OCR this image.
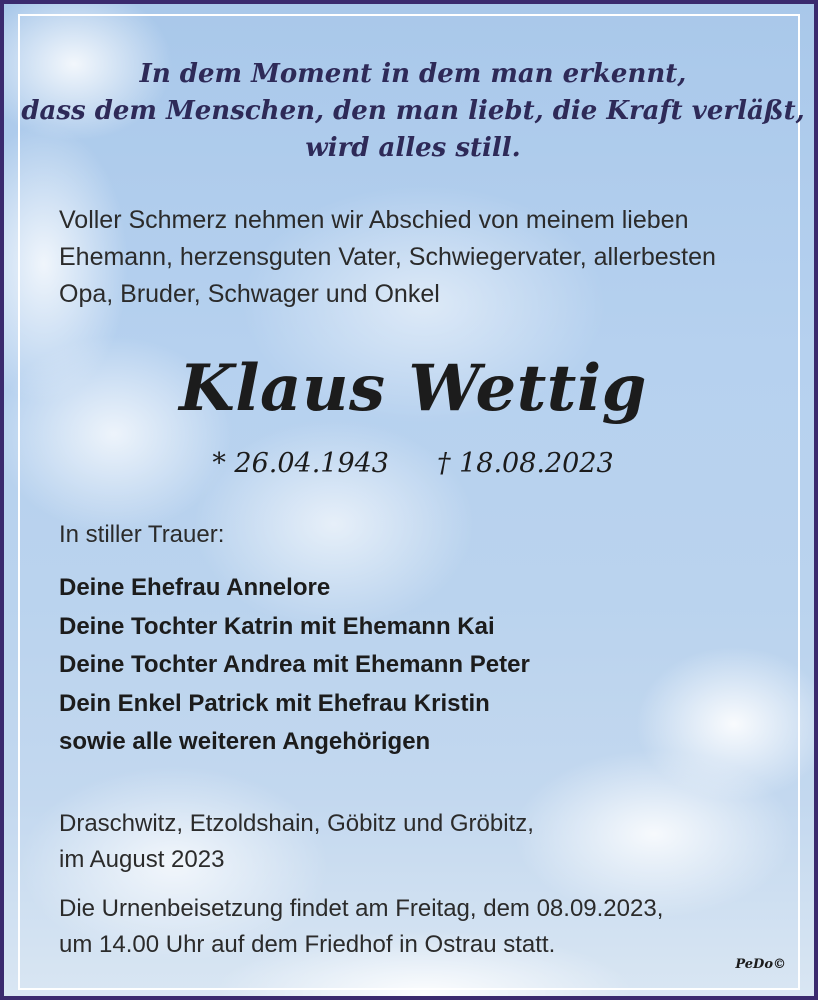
In dem Moment in dem man erkennt,
dass dem Menschen, den man liebt, die Kraft verläßt,
wird alles still.
Voller Schmerz nehmen wir Abschied von meinem lieben
Ehemann, herzensguten Vater, Schwiegervater, allerbesten
Opa, Bruder, Schwager und Onkel
Klaus Wettig
* 26.04.1943 † 18.08.2023
In stiller Trauer:
Deine Ehefrau Annelore
Deine Tochter Katrin mit Ehemann Kai
Deine Tochter Andrea mit Ehemann Peter
Dein Enkel Patrick mit Ehefrau Kristin
sowie alle weiteren Angehörigen
Draschwitz, Etzoldshain, Göbitz und Gröbitz,
im August 2023
Die Urnenbeisetzung findet am Freitag, dem 08.09.2023,
um 14.00 Uhr auf dem Friedhof in Ostrau statt.
PeDo©
